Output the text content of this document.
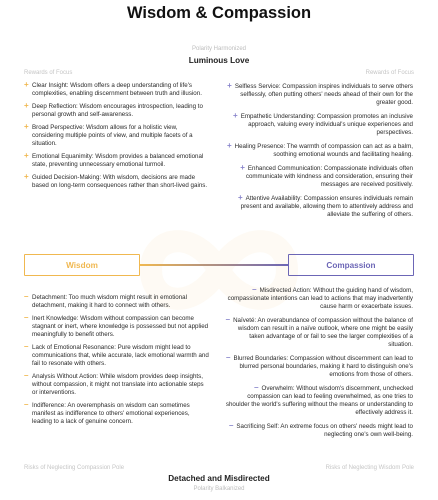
Wisdom & Compassion
Polarity Harmonized
Luminous Love
Rewards of Focus	Rewards of Focus
+ Clear Insight: Wisdom offers a deep understanding of life's complexities, enabling discernment between truth and illusion.
+ Deep Reflection: Wisdom encourages introspection, leading to personal growth and self-awareness.
+ Broad Perspective: Wisdom allows for a holistic view, considering multiple points of view, and multiple facets of a situation.
+ Emotional Equanimity: Wisdom provides a balanced emotional state, preventing unnecessary emotional turmoil.
+ Guided Decision-Making: With wisdom, decisions are made based on long-term consequences rather than short-lived gains.
+ Selfless Service: Compassion inspires individuals to serve others selflessly, often putting others' needs ahead of their own for the greater good.
+ Empathetic Understanding: Compassion promotes an inclusive approach, valuing every individual's unique experiences and perspectives.
+ Healing Presence: The warmth of compassion can act as a balm, soothing emotional wounds and facilitating healing.
+ Enhanced Communication: Compassionate individuals often communicate with kindness and consideration, ensuring their messages are received positively.
+ Attentive Availability: Compassion ensures individuals remain present and available, allowing them to attentively address and alleviate the suffering of others.
Wisdom	Compassion
– Detachment: Too much wisdom might result in emotional detachment, making it hard to connect with others.
– Inert Knowledge: Wisdom without compassion can become stagnant or inert, where knowledge is possessed but not applied meaningfully to benefit others.
– Lack of Emotional Resonance: Pure wisdom might lead to communications that, while accurate, lack emotional warmth and fail to resonate with others.
– Analysis Without Action: While wisdom provides deep insights, without compassion, it might not translate into actionable steps or interventions.
– Indifference: An overemphasis on wisdom can sometimes manifest as indifference to others' emotional experiences, leading to a lack of genuine concern.
– Misdirected Action: Without the guiding hand of wisdom, compassionate intentions can lead to actions that may inadvertently cause harm or exacerbate issues.
– Naïveté: An overabundance of compassion without the balance of wisdom can result in a naïve outlook, where one might be easily taken advantage of or fail to see the larger complexities of a situation.
– Blurred Boundaries: Compassion without discernment can lead to blurred personal boundaries, making it hard to distinguish one's emotions from those of others.
– Overwhelm: Without wisdom's discernment, unchecked compassion can lead to feeling overwhelmed, as one tries to shoulder the world's suffering without the means or understanding to effectively address it.
– Sacrificing Self: An extreme focus on others' needs might lead to neglecting one's own well-being.
Risks of Neglecting Compassion Pole	Risks of Neglecting Wisdom Pole
Detached and Misdirected
Polarity Balkanized
